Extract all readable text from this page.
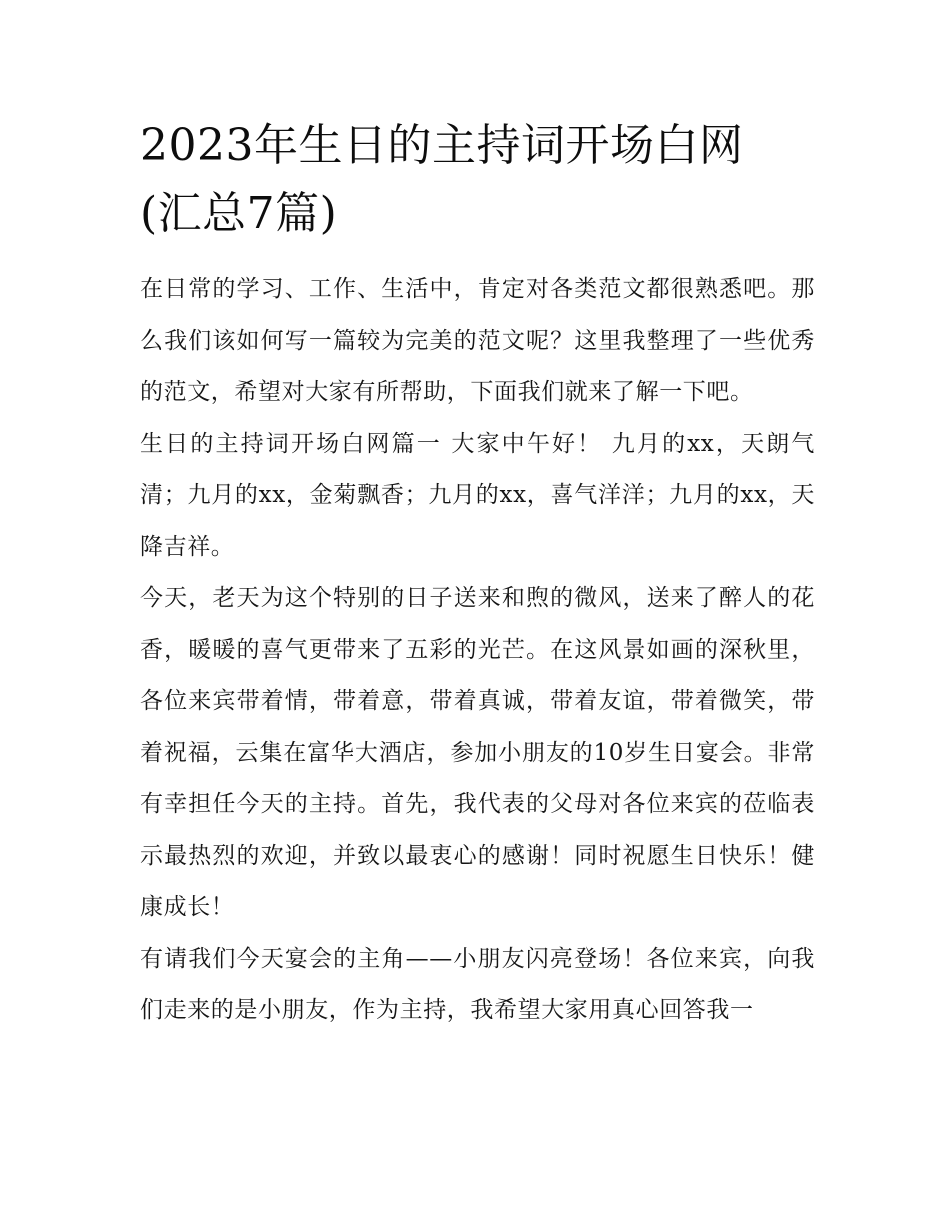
2023年生日的主持词开场白网
(汇总7篇)

在日常的学习、工作、生活中，肯定对各类范文都很熟悉吧。那么我们该如何写一篇较为完美的范文呢？这里我整理了一些优秀的范文，希望对大家有所帮助，下面我们就来了解一下吧。

生日的主持词开场白网篇一 大家中午好！ 九月的xx，天朗气清；九月的xx，金菊飘香；九月的xx，喜气洋洋；九月的xx，天降吉祥。

今天，老天为这个特别的日子送来和煦的微风，送来了醉人的花香，暖暖的喜气更带来了五彩的光芒。在这风景如画的深秋里，各位来宾带着情，带着意，带着真诚，带着友谊，带着微笑，带着祝福，云集在富华大酒店，参加小朋友的10岁生日宴会。非常有幸担任今天的主持。首先，我代表的父母对各位来宾的莅临表示最热烈的欢迎，并致以最衷心的感谢！同时祝愿生日快乐！健康成长！

有请我们今天宴会的主角——小朋友闪亮登场！各位来宾，向我们走来的是小朋友，作为主持，我希望大家用真心回答我一
